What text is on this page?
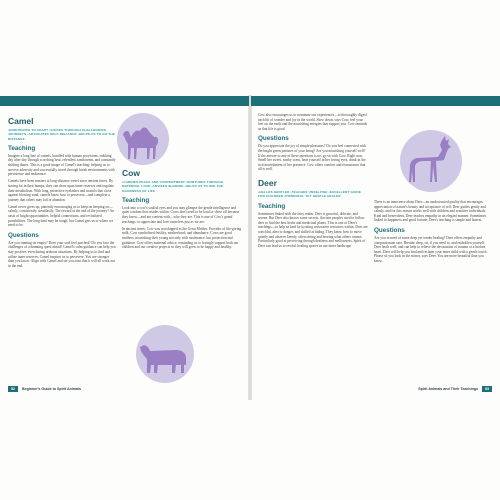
Camel
•ENDURANCE TO ADAPT •GUIDES THROUGH CHALLENGING JOURNEYS •ADVOCATES SELF-RELIANCE •HELPS US TO GO THE DISTANCE
Teaching

Imagine a long line of camels, bundled with human provisions, trekking day after day through scorching heat, relentless sandstorms, and constantly shifting dunes. This is a good image of Camel's teaching: helping us to survive adversity and successfully travel through harsh environments with persistence and endurance.

Camels have been masters at long-distance travel since ancient times. By storing fat in their humps, they can draw upon inner reserves and regulate their metabolism. With long, protective eyelashes and nostrils that close against blowing sand, camels know how to persevere—and complete a journey that others may fail or abandon.

Camel never gives up, patiently encouraging us to keep on keeping on—calmly, consistently, steadfastly. The reward at the end of the journey? An oasis of bright opportunities, helpful connections, and revitalized possibilities. The long haul may be tough, but Camel gets us to where we need to be.

Questions

Are you running on empty? Does your soul feel parched? Do you face the challenges of a daunting quest ahead? Camel's calm guidance can help you stay positive, even during arduous situations. By helping us to find and utilize inner reserves, Camel inspires us to persevere. You are stronger than you know. Align with Camel and set you trust that it will all work out in the end.

Cow
•CARRIES PEACE AND CONTENTMENT •NURTURES THROUGH MATERNAL LOVE •ADVISES SHARING •HELPS US TO SEE THE GOODNESS OF LIFE
Teaching

Look into a cow's soulful eyes and you may glimpse the gentle intelligence and quiet wisdom that resides within. Cows don't need to be loud or show off because they know—and are content with—who they are. This is one of Cow's grand teachings: to appreciate and love ourselves just as we are.

In ancient times, Cow was worshipped as the Great Mother. Provider of life-giving milk, Cow symbolized fertility, motherhood, and abundance. Cows are good mothers, nourishing their young not only with sustenance, but protection and guidance. Cow offers maternal advice, reminding us to lovingly support both our children and our creative projects so they will grow to be happy and healthy.

Cow also encourages us to nominate our experiences—to thoroughly digest each bit of wonder and joy in the world. Slow down, says Cow, feel your feet on the earth and the nourishing energies that support you. Cow reminds us that life is good.

Questions

Do you appreciate the joy of simple pleasures? Do you feel connected with the bright green pastures of your being? Are you nourishing yourself well? If the answer to any of these questions is no, go sit with Cow. Right now. Smell her sweet, earthy scent, hear yourself in her loving eyes, drink in the rich nourishment of her presence. Cow offers comfort and reassurance that all is well.

Deer
•HELLOS GENTLER •TEACHES UNSELFISH •EXCELLENT GUIDE FOR CHILDREN •POWERFUL YET GENTLE HEALER
Teaching

Sometimes linked with the fairy realm, Deer is graceful, delicate, and serene. But Deer also knows some secrets. Ancient peoples used to follow deer to find the best herbs and medicinal plants. This is one of Deer's teachings—to help us heal by locating restorative resources within. Deer are watchful, alert to danger, and skilled at hiding. They know how to move quietly and observe keenly, often seeing and hearing what others cannot. Particularly good at perceiving through deafness and mellowness, Spirit of Deer can lead us to restful, healing spaces in our inner landscape.

There is an innocence about Deer—an unobstructed quality that encourages appreciation of nature's beauty and acceptance of self. Deer guides gently and calmly, and for this reason works well with children and sensitive individuals. Kind and benevolent, Deer teaches empathy in an elegant manner. Sometimes linked to happiness and good fortune, Deer's teaching is simple and honest.

Questions

Are you in need of some deep yet tender healing? Deer offers empathy and compassionate care. Breathe deep, sit, if you need to, and embolden yourself. Deer heals well, and can help to relieve the devastation of trauma or a broken heart. Deer will help you find and reclaim your inner child with a gentle touch. Please sit you look in the mirror, says Deer. You are more beautiful than you know.

52 Beginner's Guide to Spirit Animals	Spirit Animals and Their Teachings 53
